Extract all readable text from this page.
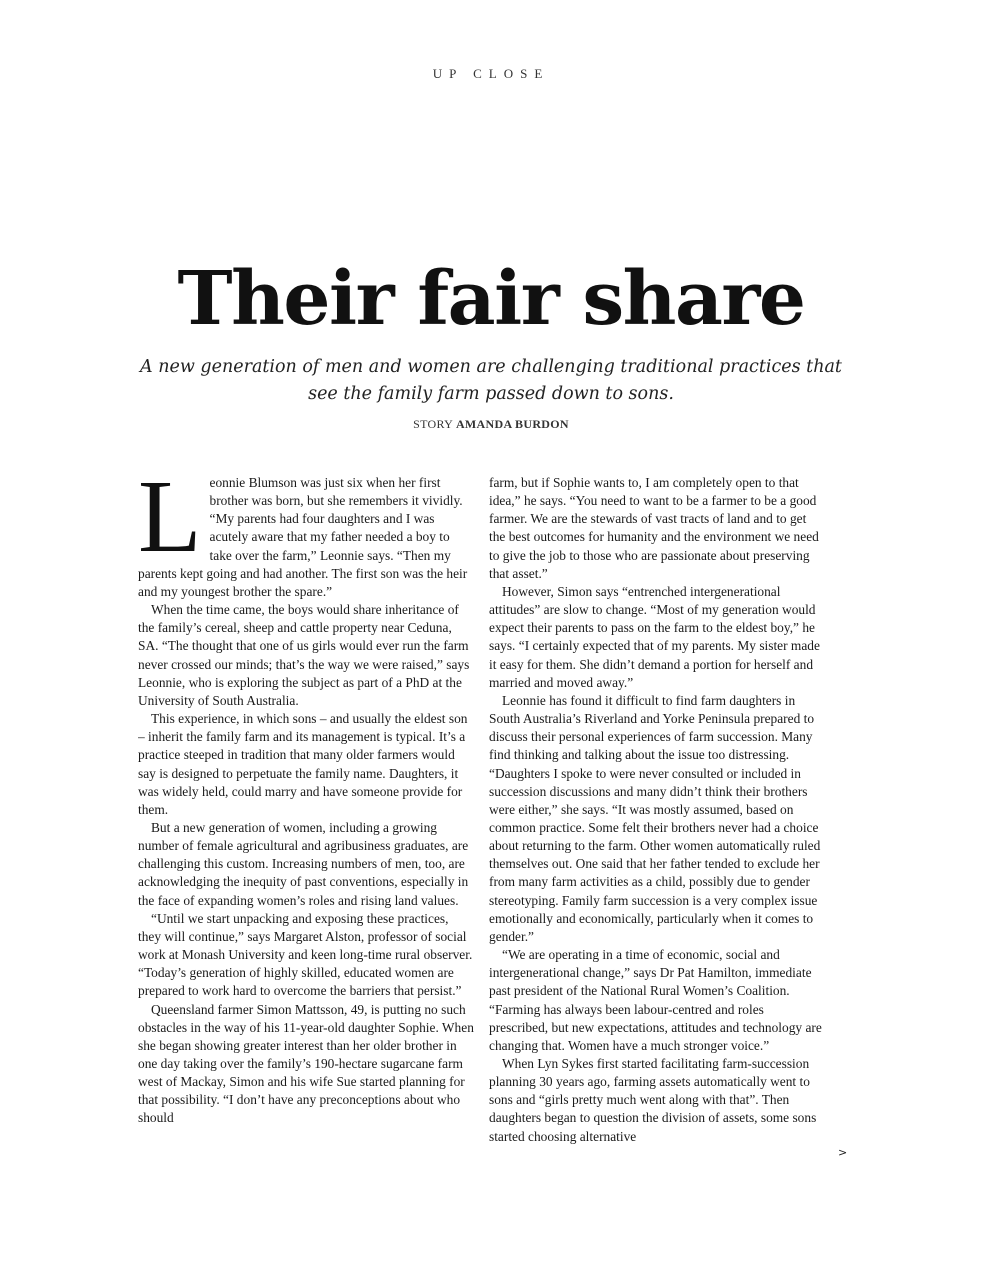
UP CLOSE
Their fair share

A new generation of men and women are challenging traditional practices that see the family farm passed down to sons.

STORY AMANDA BURDON
L eonnie Blumson was just six when her first brother was born, but she remembers it vividly. “My parents had four daughters and I was acutely aware that my father needed a boy to take over the farm,” Leonnie says. “Then my parents kept going and had another. The first son was the heir and my youngest brother the spare.”

When the time came, the boys would share inheritance of the family’s cereal, sheep and cattle property near Ceduna, SA. “The thought that one of us girls would ever run the farm never crossed our minds; that’s the way we were raised,” says Leonnie, who is exploring the subject as part of a PhD at the University of South Australia.

This experience, in which sons – and usually the eldest son – inherit the family farm and its management is typical. It’s a practice steeped in tradition that many older farmers would say is designed to perpetuate the family name. Daughters, it was widely held, could marry and have someone provide for them.

But a new generation of women, including a growing number of female agricultural and agribusiness graduates, are challenging this custom. Increasing numbers of men, too, are acknowledging the inequity of past conventions, especially in the face of expanding women’s roles and rising land values.

“Until we start unpacking and exposing these practices, they will continue,” says Margaret Alston, professor of social work at Monash University and keen long-time rural observer. “Today’s generation of highly skilled, educated women are prepared to work hard to overcome the barriers that persist.”

Queensland farmer Simon Mattsson, 49, is putting no such obstacles in the way of his 11-year-old daughter Sophie. When she began showing greater interest than her older brother in one day taking over the family’s 190-hectare sugarcane farm west of Mackay, Simon and his wife Sue started planning for that possibility. “I don’t have any preconceptions about who should

farm, but if Sophie wants to, I am completely open to that idea,” he says. “You need to want to be a farmer to be a good farmer. We are the stewards of vast tracts of land and to get the best outcomes for humanity and the environment we need to give the job to those who are passionate about preserving that asset.”

However, Simon says “entrenched intergenerational attitudes” are slow to change. “Most of my generation would expect their parents to pass on the farm to the eldest boy,” he says. “I certainly expected that of my parents. My sister made it easy for them. She didn’t demand a portion for herself and married and moved away.”

Leonnie has found it difficult to find farm daughters in South Australia’s Riverland and Yorke Peninsula prepared to discuss their personal experiences of farm succession. Many find thinking and talking about the issue too distressing. “Daughters I spoke to were never consulted or included in succession discussions and many didn’t think their brothers were either,” she says. “It was mostly assumed, based on common practice. Some felt their brothers never had a choice about returning to the farm. Other women automatically ruled themselves out. One said that her father tended to exclude her from many farm activities as a child, possibly due to gender stereotyping. Family farm succession is a very complex issue emotionally and economically, particularly when it comes to gender.”

“We are operating in a time of economic, social and intergenerational change,” says Dr Pat Hamilton, immediate past president of the National Rural Women’s Coalition. “Farming has always been labour-centred and roles prescribed, but new expectations, attitudes and technology are changing that. Women have a much stronger voice.”

When Lyn Sykes first started facilitating farm-succession planning 30 years ago, farming assets automatically went to sons and “girls pretty much went along with that”. Then daughters began to question the division of assets, some sons started choosing alternative

>
